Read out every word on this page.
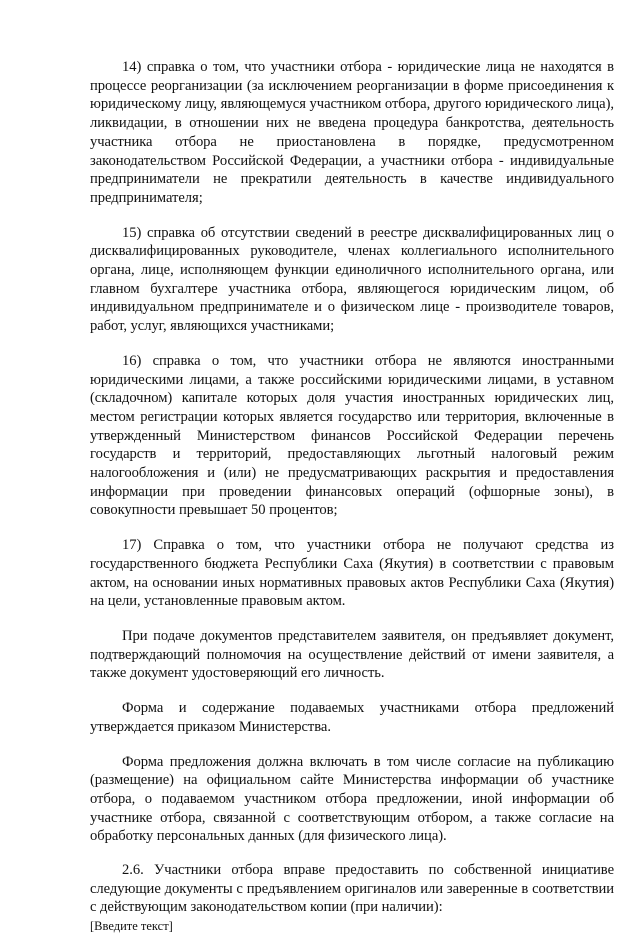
14) справка о том, что участники отбора - юридические лица не находятся в процессе реорганизации (за исключением реорганизации в форме присоединения к юридическому лицу, являющемуся участником отбора, другого юридического лица), ликвидации, в отношении них не введена процедура банкротства, деятельность участника отбора не приостановлена в порядке, предусмотренном законодательством Российской Федерации, а участники отбора - индивидуальные предприниматели не прекратили деятельность в качестве индивидуального предпринимателя;

15) справка об отсутствии сведений в реестре дисквалифицированных лиц о дисквалифицированных руководителе, членах коллегиального исполнительного органа, лице, исполняющем функции единоличного исполнительного органа, или главном бухгалтере участника отбора, являющегося юридическим лицом, об индивидуальном предпринимателе и о физическом лице - производителе товаров, работ, услуг, являющихся участниками;

16) справка о том, что участники отбора не являются иностранными юридическими лицами, а также российскими юридическими лицами, в уставном (складочном) капитале которых доля участия иностранных юридических лиц, местом регистрации которых является государство или территория, включенные в утвержденный Министерством финансов Российской Федерации перечень государств и территорий, предоставляющих льготный налоговый режим налогообложения и (или) не предусматривающих раскрытия и предоставления информации при проведении финансовых операций (офшорные зоны), в совокупности превышает 50 процентов;

17) Справка о том, что участники отбора не получают средства из государственного бюджета Республики Саха (Якутия) в соответствии с правовым актом, на основании иных нормативных правовых актов Республики Саха (Якутия) на цели, установленные правовым актом.

При подаче документов представителем заявителя, он предъявляет документ, подтверждающий полномочия на осуществление действий от имени заявителя, а также документ удостоверяющий его личность.

Форма и содержание подаваемых участниками отбора предложений утверждается приказом Министерства.

Форма предложения должна включать в том числе согласие на публикацию (размещение) на официальном сайте Министерства информации об участнике отбора, о подаваемом участником отбора предложении, иной информации об участнике отбора, связанной с соответствующим отбором, а также согласие на обработку персональных данных (для физического лица).

2.6. Участники отбора вправе предоставить по собственной инициативе следующие документы с предъявлением оригиналов или заверенные в соответствии с действующим законодательством копии (при наличии):

[Введите текст]
